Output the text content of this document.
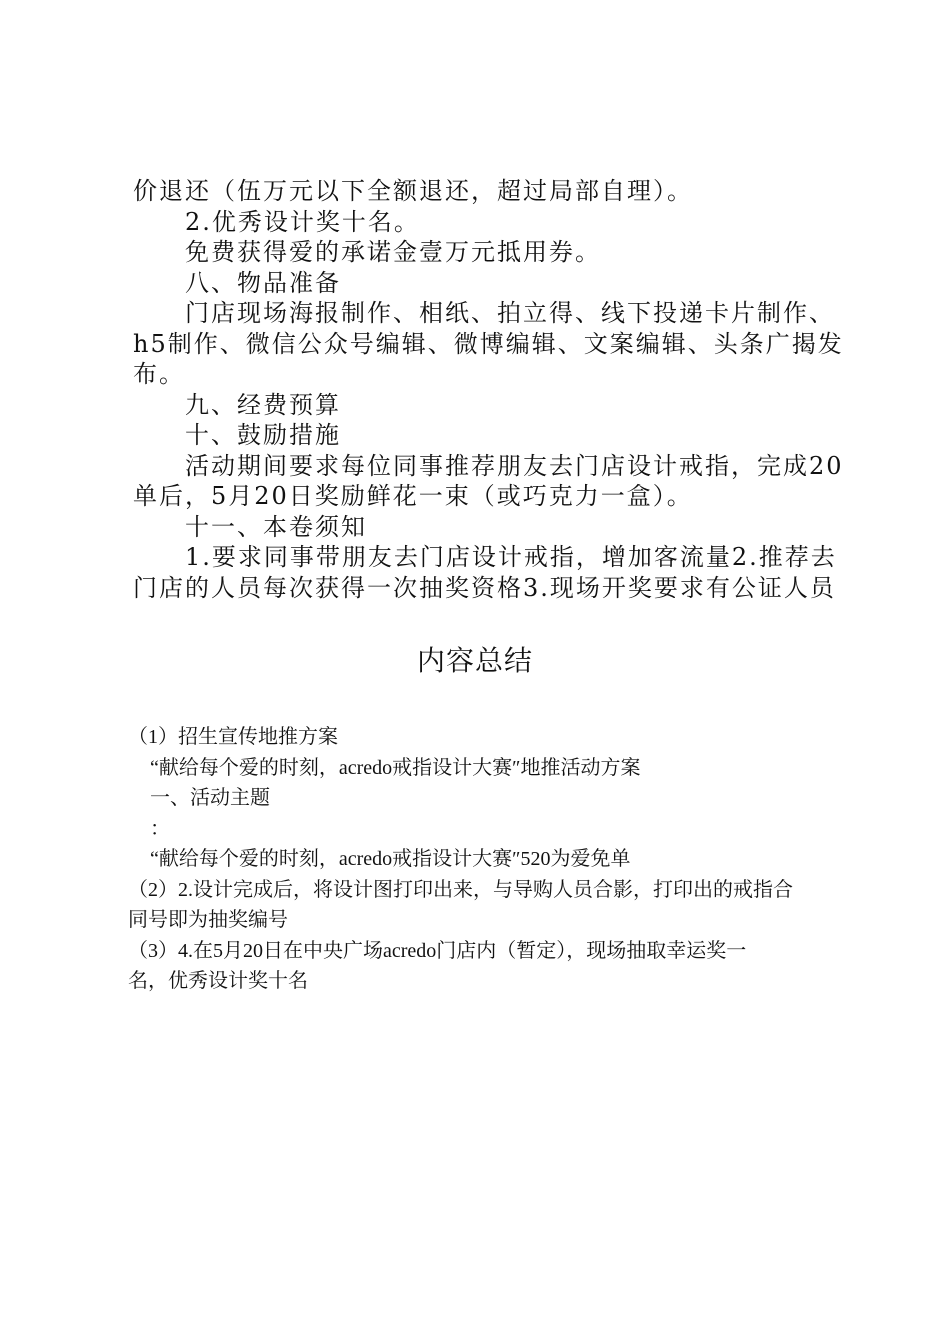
价退还（伍万元以下全额退还，超过局部自理）。
2.优秀设计奖十名。
免费获得爱的承诺金壹万元抵用券。
八、物品准备
门店现场海报制作、相纸、拍立得、线下投递卡片制作、
h5制作、微信公众号编辑、微博编辑、文案编辑、头条广揭发
布。
九、经费预算
十、鼓励措施
活动期间要求每位同事推荐朋友去门店设计戒指，完成20
单后，5月20日奖励鲜花一束（或巧克力一盒）。
十一、本卷须知
1.要求同事带朋友去门店设计戒指，增加客流量2.推荐去
门店的人员每次获得一次抽奖资格3.现场开奖要求有公证人员
内容总结
（1）招生宣传地推方案
“献给每个爱的时刻，acredo戒指设计大赛″地推活动方案
一、活动主题
：
“献给每个爱的时刻，acredo戒指设计大赛″520为爱免单
（2）2.设计完成后，将设计图打印出来，与导购人员合影，打印出的戒指合
同号即为抽奖编号
（3）4.在5月20日在中央广场acredo门店内（暂定），现场抽取幸运奖一
名，优秀设计奖十名
